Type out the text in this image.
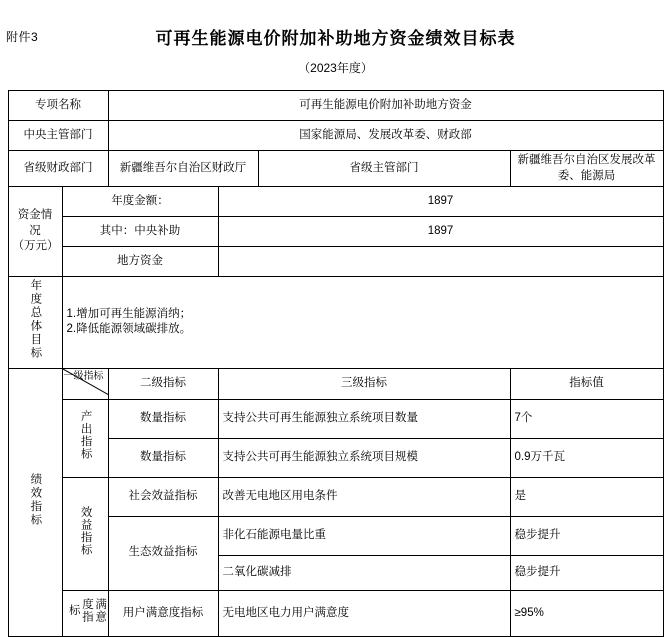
附件3	可再生能源电价附加补助地方资金绩效目标表
（2023年度）
专项名称		可再生能源电价附加补助地方资金			
中央主管部门		国家能源局、发展改革委、财政部			
省级财政部门		新疆维吾尔自治区财政厅		省级主管部门	新疆维吾尔自治区发展改革委、能源局

资金情况
（万元）	年度金额：		1897		
	其中：中央补助		1897		
	地方资金				
年度总体目标	1.增加可再生能源消纳；
2.降低能源领域碳排放。				

绩效指标	一级指标	二级指标	三级指标		指标值
	产出指标	数量指标	支持公共可再生能源独立系统项目数量		7个
		数量指标	支持公共可再生能源独立系统项目规模		0.9万千瓦
	效益指标	社会效益指标	改善无电地区用电条件		是
		生态效益指标	非化石能源电量比重		稳步提升
			二氧化碳减排		稳步提升
	满意度指标	用户满意度指标	无电地区电力用户满意度		≥95%
